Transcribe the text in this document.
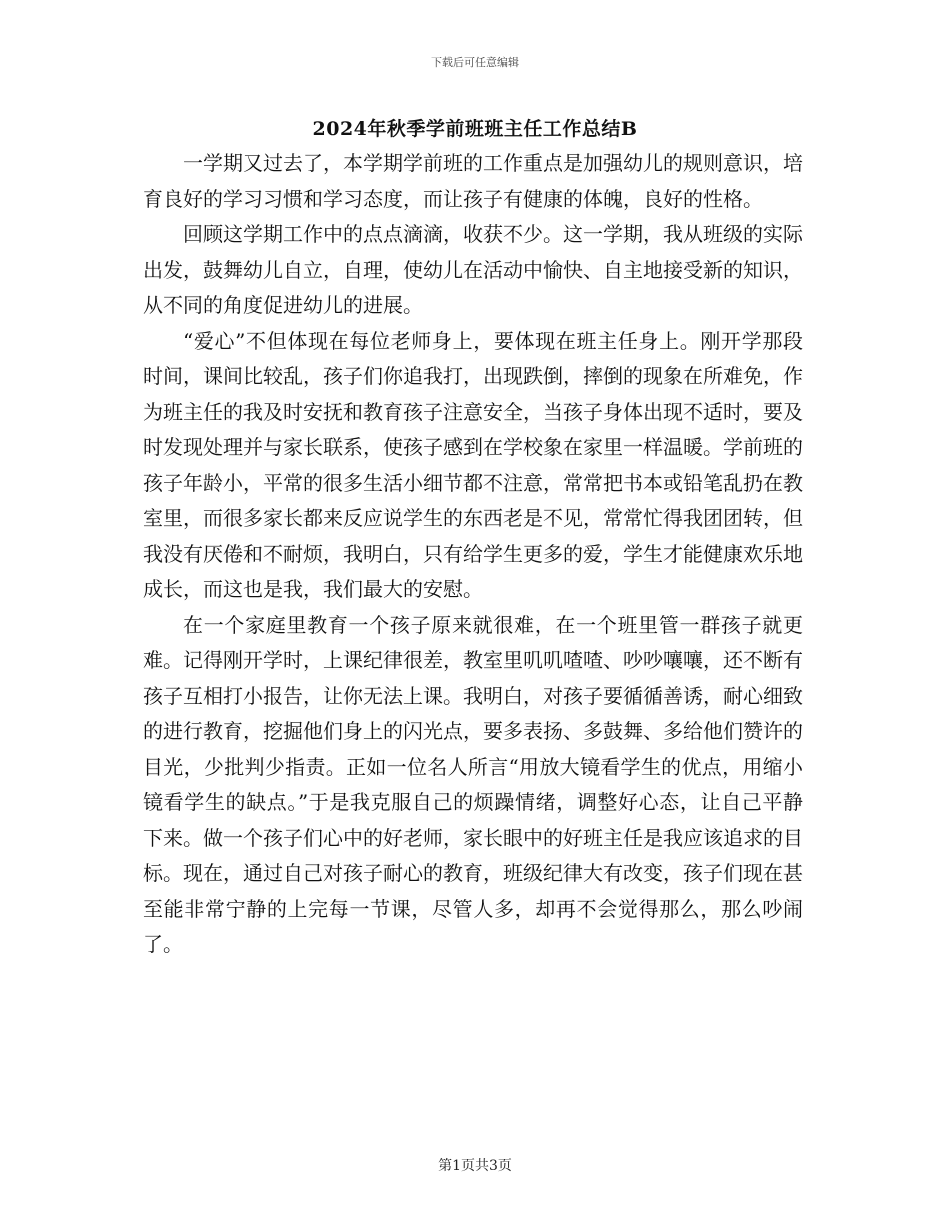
下载后可任意编辑
2024年秋季学前班班主任工作总结B

一学期又过去了，本学期学前班的工作重点是加强幼儿的规则意识，培育良好的学习习惯和学习态度，而让孩子有健康的体魄，良好的性格。

回顾这学期工作中的点点滴滴，收获不少。这一学期，我从班级的实际出发，鼓舞幼儿自立，自理，使幼儿在活动中愉快、自主地接受新的知识，从不同的角度促进幼儿的进展。

“爱心”不但体现在每位老师身上，要体现在班主任身上。刚开学那段时间，课间比较乱，孩子们你追我打，出现跌倒，摔倒的现象在所难免，作为班主任的我及时安抚和教育孩子注意安全，当孩子身体出现不适时，要及时发现处理并与家长联系，使孩子感到在学校象在家里一样温暖。学前班的孩子年龄小，平常的很多生活小细节都不注意，常常把书本或铅笔乱扔在教室里，而很多家长都来反应说学生的东西老是不见，常常忙得我团团转，但我没有厌倦和不耐烦，我明白，只有给学生更多的爱，学生才能健康欢乐地成长，而这也是我，我们最大的安慰。

在一个家庭里教育一个孩子原来就很难，在一个班里管一群孩子就更难。记得刚开学时，上课纪律很差，教室里叽叽喳喳、吵吵嚷嚷，还不断有孩子互相打小报告，让你无法上课。我明白，对孩子要循循善诱，耐心细致的进行教育，挖掘他们身上的闪光点，要多表扬、多鼓舞、多给他们赞许的目光，少批判少指责。正如一位名人所言“用放大镜看学生的优点，用缩小镜看学生的缺点。”于是我克服自己的烦躁情绪，调整好心态，让自己平静下来。做一个孩子们心中的好老师，家长眼中的好班主任是我应该追求的目标。现在，通过自己对孩子耐心的教育，班级纪律大有改变，孩子们现在甚至能非常宁静的上完每一节课，尽管人多，却再不会觉得那么，那么吵闹了。

第1页共3页
